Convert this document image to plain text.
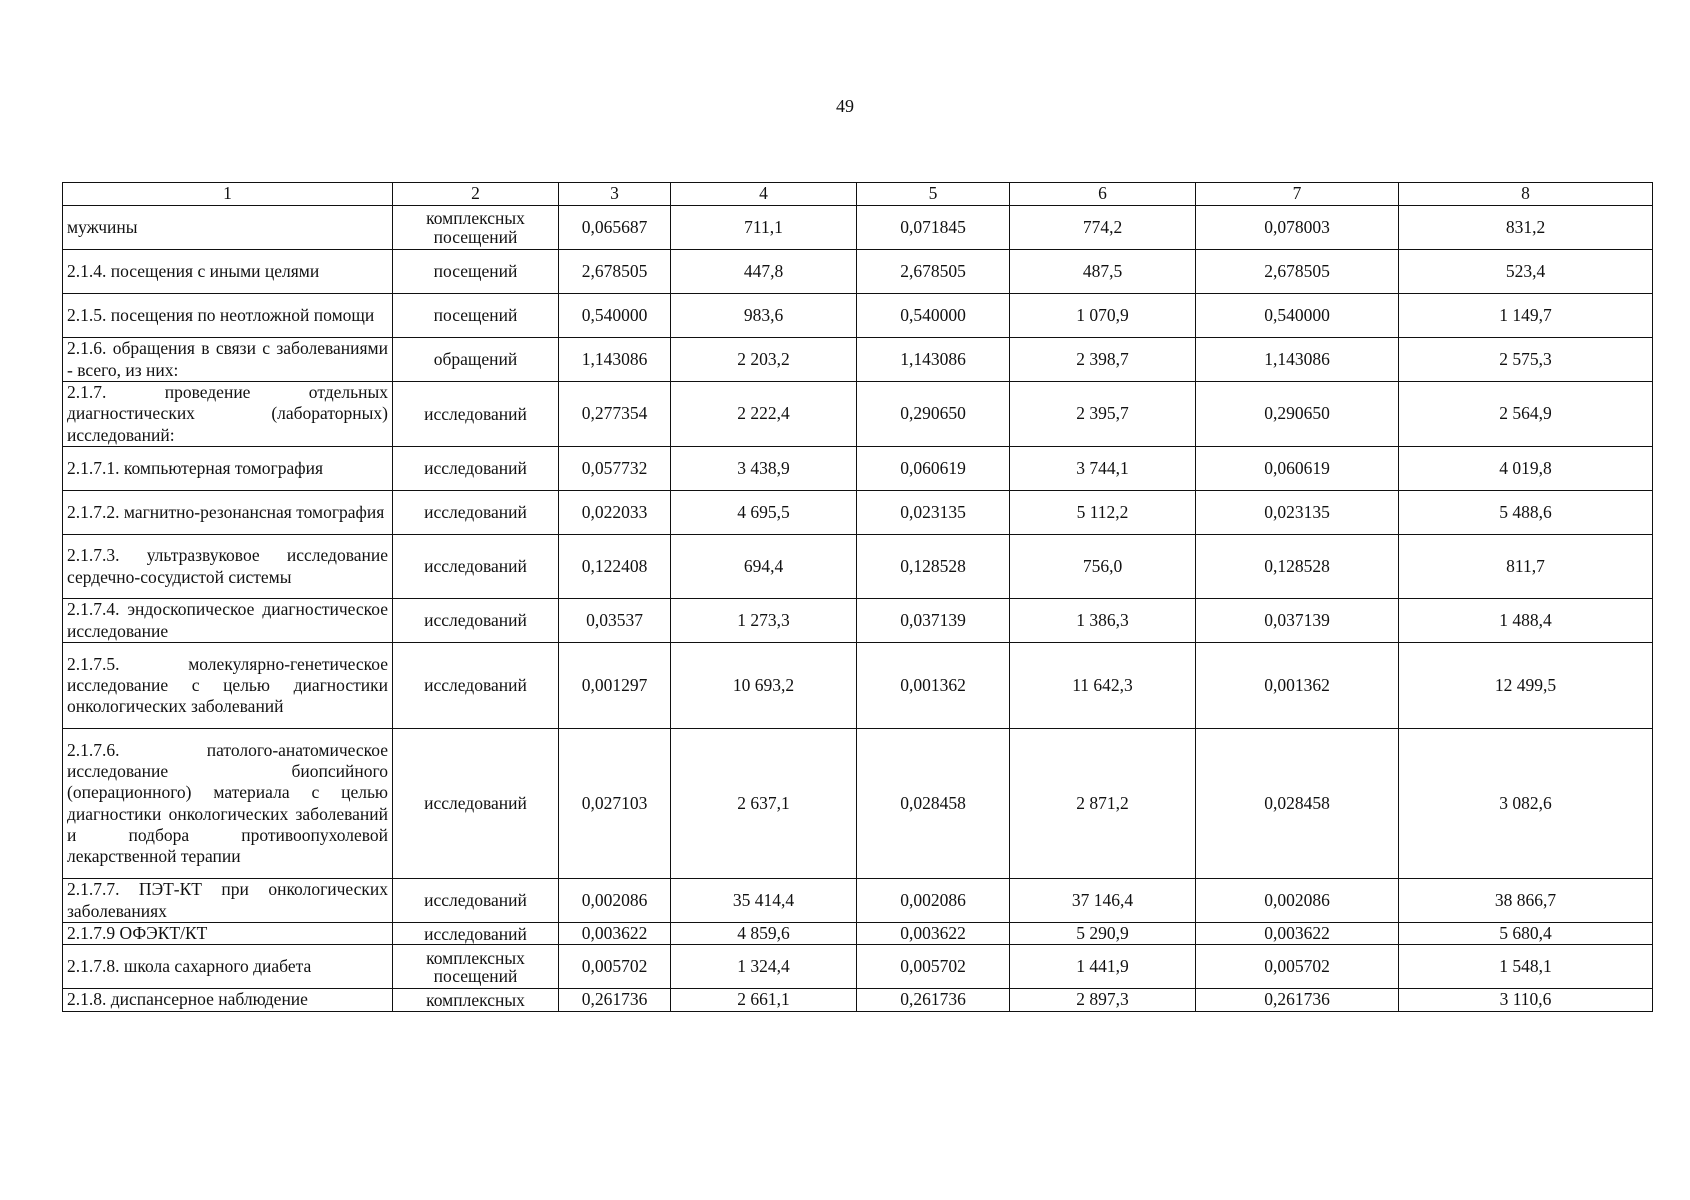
49
1	2	3	4	5	6	7	8
мужчины	комплексных посещений	0,065687	711,1	0,071845	774,2	0,078003	831,2
2.1.4. посещения с иными целями	посещений	2,678505	447,8	2,678505	487,5	2,678505	523,4
2.1.5. посещения по неотложной помощи	посещений	0,540000	983,6	0,540000	1 070,9	0,540000	1 149,7
2.1.6. обращения в связи с заболеваниями - всего, из них:	обращений	1,143086	2 203,2	1,143086	2 398,7	1,143086	2 575,3
2.1.7. проведение отдельных диагностических (лабораторных) исследований:	исследований	0,277354	2 222,4	0,290650	2 395,7	0,290650	2 564,9
2.1.7.1. компьютерная томография	исследований	0,057732	3 438,9	0,060619	3 744,1	0,060619	4 019,8
2.1.7.2. магнитно-резонансная томография	исследований	0,022033	4 695,5	0,023135	5 112,2	0,023135	5 488,6
2.1.7.3. ультразвуковое исследование сердечно-сосудистой системы	исследований	0,122408	694,4	0,128528	756,0	0,128528	811,7
2.1.7.4. эндоскопическое диагностическое исследование	исследований	0,03537	1 273,3	0,037139	1 386,3	0,037139	1 488,4
2.1.7.5. молекулярно-генетическое исследование с целью диагностики онкологических заболеваний	исследований	0,001297	10 693,2	0,001362	11 642,3	0,001362	12 499,5
2.1.7.6. патолого-анатомическое исследование биопсийного (операционного) материала с целью диагностики онкологических заболеваний и подбора противоопухолевой лекарственной терапии	исследований	0,027103	2 637,1	0,028458	2 871,2	0,028458	3 082,6
2.1.7.7. ПЭТ-КТ при онкологических заболеваниях	исследований	0,002086	35 414,4	0,002086	37 146,4	0,002086	38 866,7
2.1.7.9 ОФЭКТ/КТ	исследований	0,003622	4 859,6	0,003622	5 290,9	0,003622	5 680,4
2.1.7.8. школа сахарного диабета	комплексных посещений	0,005702	1 324,4	0,005702	1 441,9	0,005702	1 548,1
2.1.8. диспансерное наблюдение	комплексных	0,261736	2 661,1	0,261736	2 897,3	0,261736	3 110,6
